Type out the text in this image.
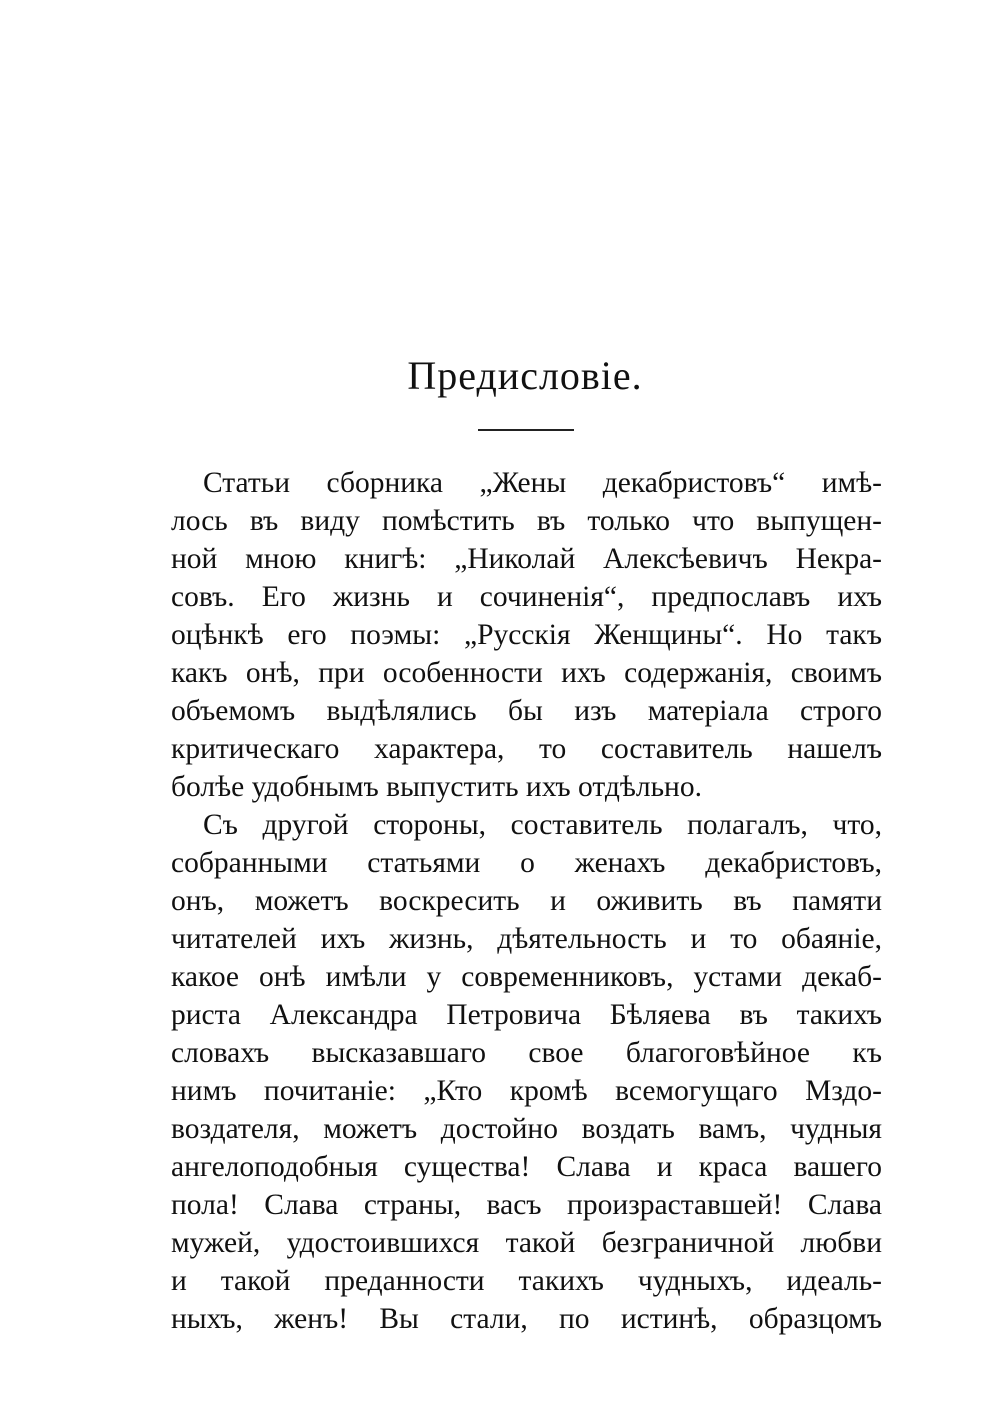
Предисловіе.
Статьи сборника „Жены декабристовъ“ имѣ-
лось въ виду помѣстить въ только что выпущен-
ной мною книгѣ: „Николай Алексѣевичъ Некра-
совъ. Его жизнь и сочиненія“, предпославъ ихъ
оцѣнкѣ его поэмы: „Русскія Женщины“. Но такъ
какъ онѣ, при особенности ихъ содержанія, своимъ
объемомъ выдѣлялись бы изъ матеріала строго
критическаго характера, то составитель нашелъ
болѣе удобнымъ выпустить ихъ отдѣльно.
Съ другой стороны, составитель полагалъ, что,
собранными статьями о женахъ декабристовъ,
онъ, можетъ воскресить и оживить въ памяти
читателей ихъ жизнь, дѣятельность и то обаяніе,
какое онѣ имѣли у современниковъ, устами декаб-
риста Александра Петровича Бѣляева въ такихъ
словахъ высказавшаго свое благоговѣйное къ
нимъ почитаніе: „Кто кромѣ всемогущаго Мздо-
воздателя, можетъ достойно воздать вамъ, чудныя
ангелоподобныя существа! Слава и краса вашего
пола! Слава страны, васъ произраставшей! Слава
мужей, удостоившихся такой безграничной любви
и такой преданности такихъ чудныхъ, идеаль-
ныхъ, женъ! Вы стали, по истинѣ, образцомъ
